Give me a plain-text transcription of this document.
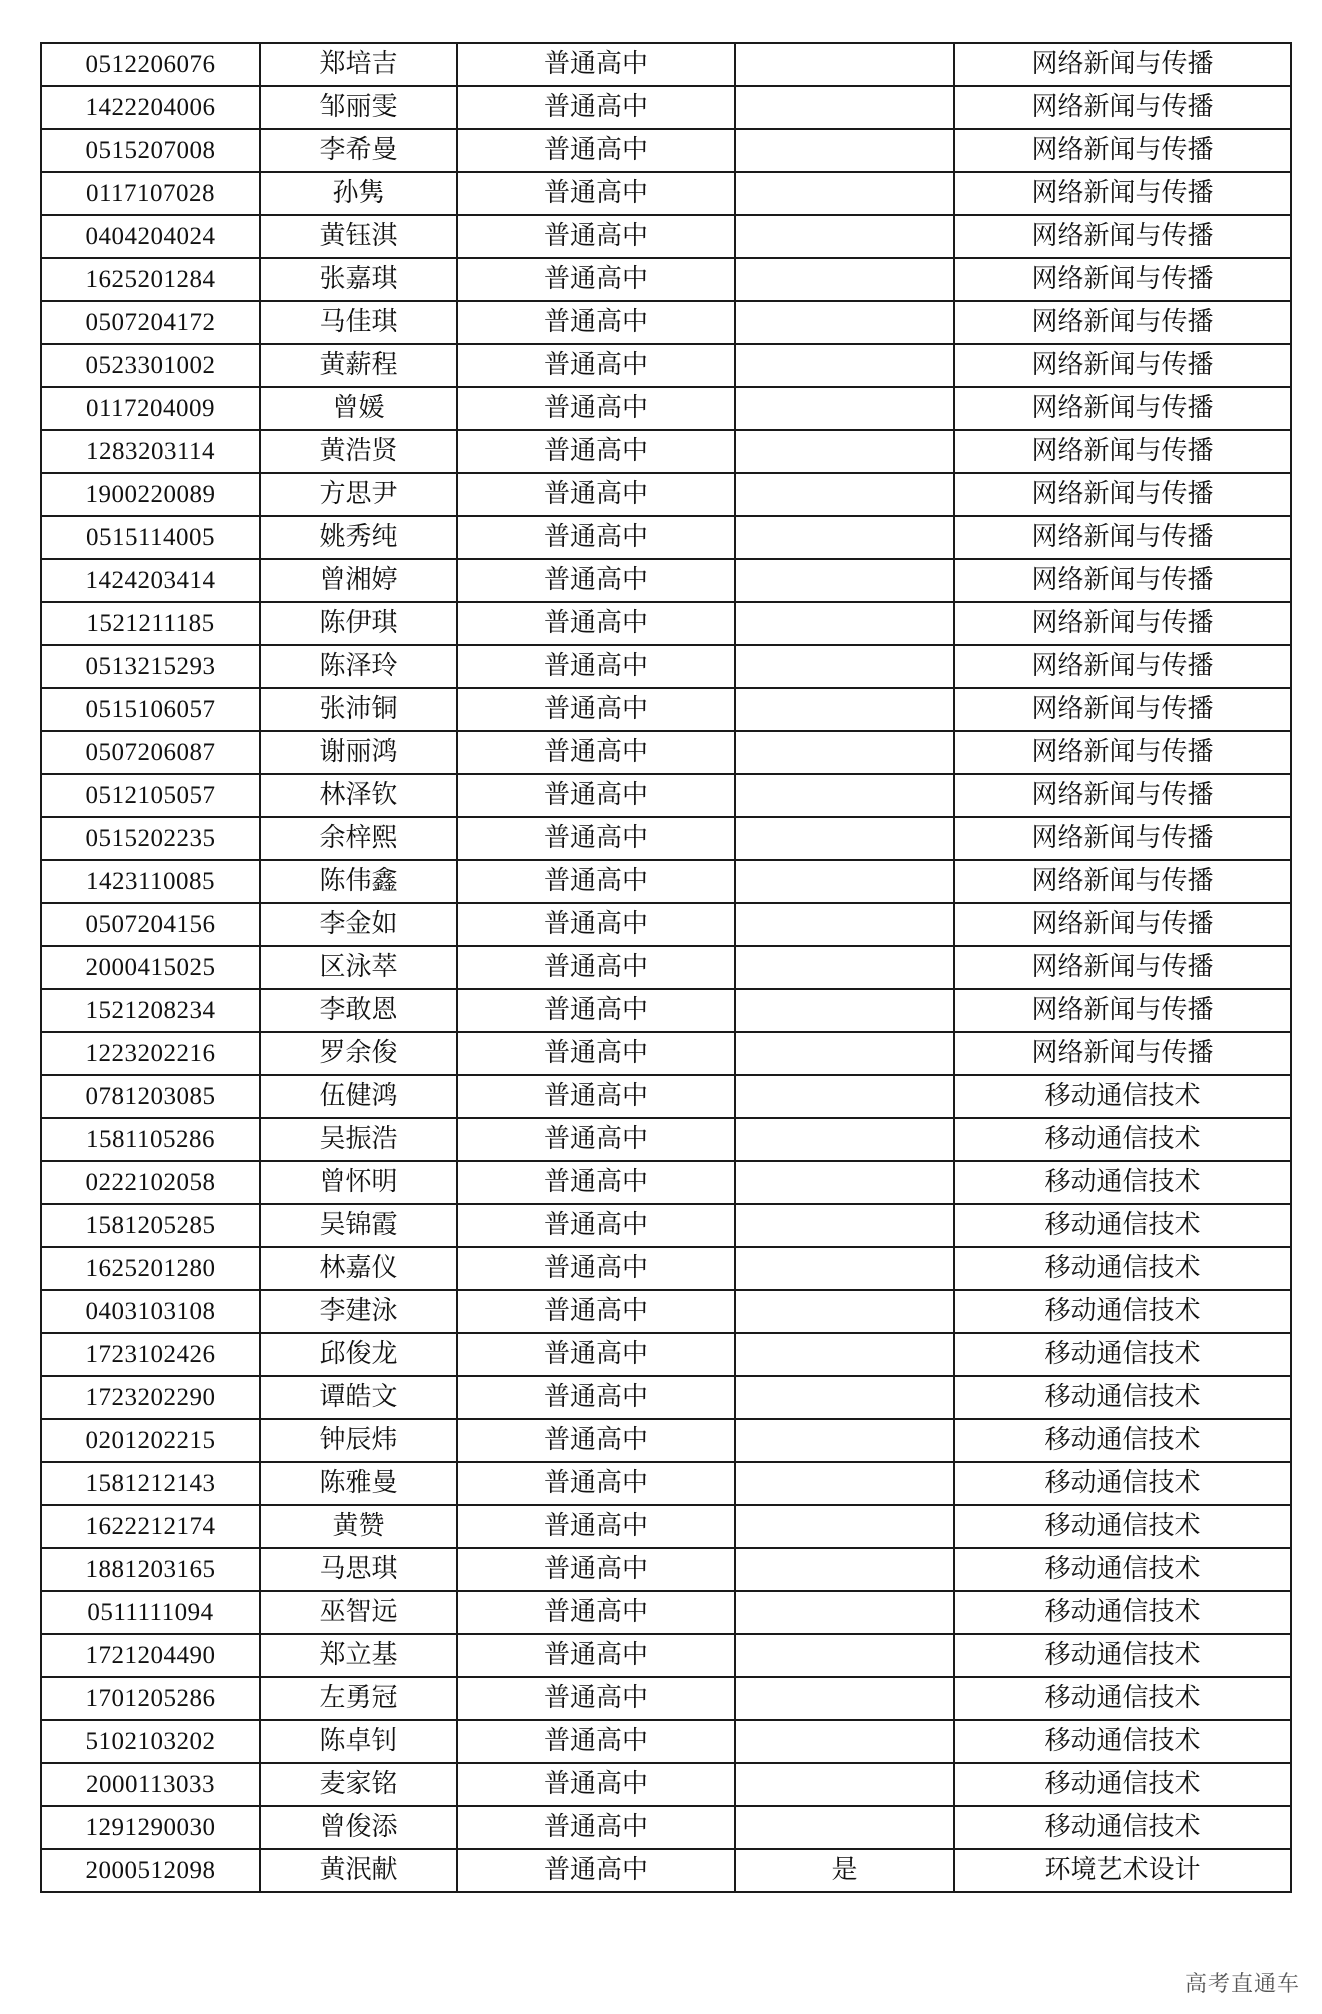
0512206076	郑培吉	普通高中		网络新闻与传播
1422204006	邹丽雯	普通高中		网络新闻与传播
0515207008	李希曼	普通高中		网络新闻与传播
0117107028	孙隽	普通高中		网络新闻与传播
0404204024	黄钰淇	普通高中		网络新闻与传播
1625201284	张嘉琪	普通高中		网络新闻与传播
0507204172	马佳琪	普通高中		网络新闻与传播
0523301002	黄薪程	普通高中		网络新闻与传播
0117204009	曾媛	普通高中		网络新闻与传播
1283203114	黄浩贤	普通高中		网络新闻与传播
1900220089	方思尹	普通高中		网络新闻与传播
0515114005	姚秀纯	普通高中		网络新闻与传播
1424203414	曾湘婷	普通高中		网络新闻与传播
1521211185	陈伊琪	普通高中		网络新闻与传播
0513215293	陈泽玲	普通高中		网络新闻与传播
0515106057	张沛铜	普通高中		网络新闻与传播
0507206087	谢丽鸿	普通高中		网络新闻与传播
0512105057	林泽钦	普通高中		网络新闻与传播
0515202235	余梓熙	普通高中		网络新闻与传播
1423110085	陈伟鑫	普通高中		网络新闻与传播
0507204156	李金如	普通高中		网络新闻与传播
2000415025	区泳萃	普通高中		网络新闻与传播
1521208234	李敢恩	普通高中		网络新闻与传播
1223202216	罗余俊	普通高中		网络新闻与传播
0781203085	伍健鸿	普通高中		移动通信技术
1581105286	吴振浩	普通高中		移动通信技术
0222102058	曾怀明	普通高中		移动通信技术
1581205285	吴锦霞	普通高中		移动通信技术
1625201280	林嘉仪	普通高中		移动通信技术
0403103108	李建泳	普通高中		移动通信技术
1723102426	邱俊龙	普通高中		移动通信技术
1723202290	谭皓文	普通高中		移动通信技术
0201202215	钟辰炜	普通高中		移动通信技术
1581212143	陈雅曼	普通高中		移动通信技术
1622212174	黄赞	普通高中		移动通信技术
1881203165	马思琪	普通高中		移动通信技术
0511111094	巫智远	普通高中		移动通信技术
1721204490	郑立基	普通高中		移动通信技术
1701205286	左勇冠	普通高中		移动通信技术
5102103202	陈卓钊	普通高中		移动通信技术
2000113033	麦家铭	普通高中		移动通信技术
1291290030	曾俊添	普通高中		移动通信技术
2000512098	黄泯献	普通高中	是	环境艺术设计
高考直通车
